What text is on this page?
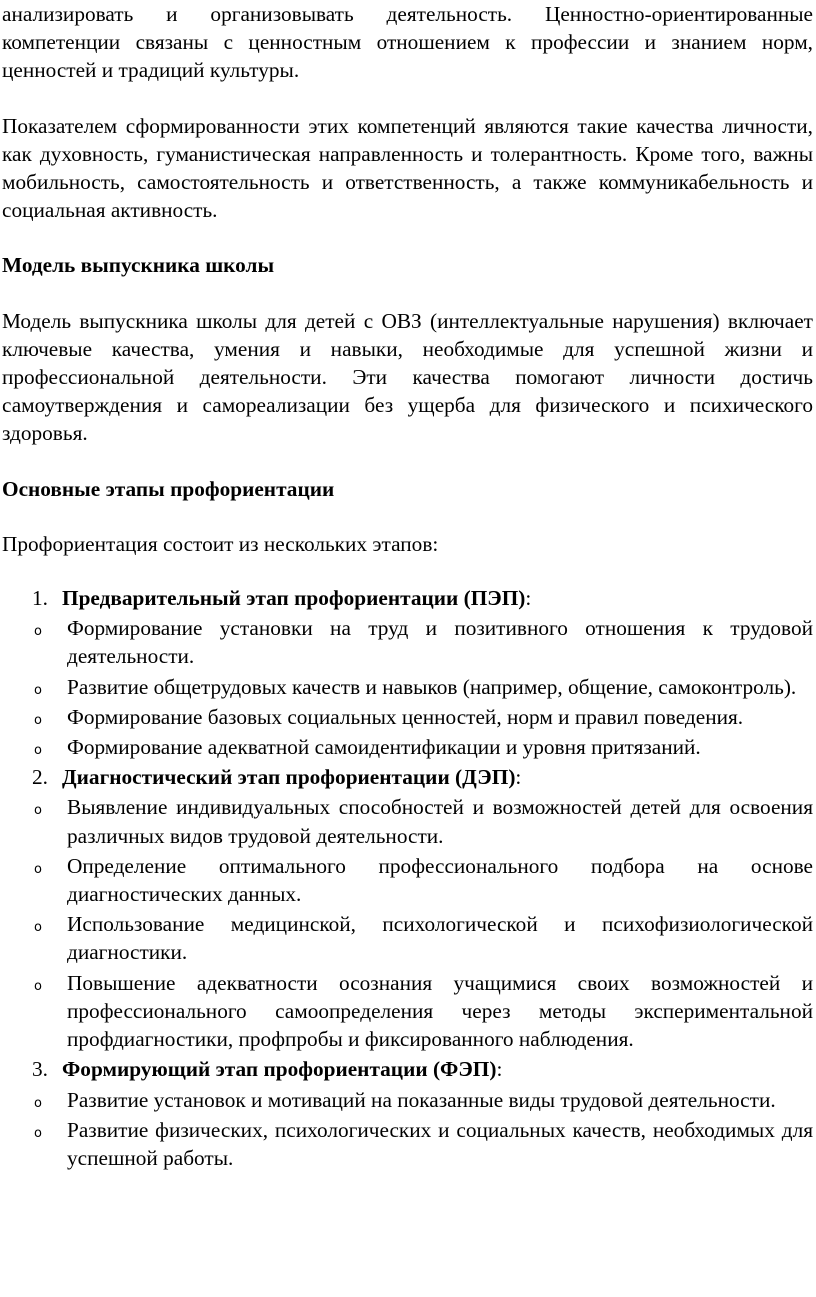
анализировать и организовывать деятельность. Ценностно-ориентированные компетенции связаны с ценностным отношением к профессии и знанием норм, ценностей и традиций культуры.

Показателем сформированности этих компетенций являются такие качества личности, как духовность, гуманистическая направленность и толерантность. Кроме того, важны мобильность, самостоятельность и ответственность, а также коммуникабельность и социальная активность.

Модель выпускника школы

Модель выпускника школы для детей с ОВЗ (интеллектуальные нарушения) включает ключевые качества, умения и навыки, необходимые для успешной жизни и профессиональной деятельности. Эти качества помогают личности достичь самоутверждения и самореализации без ущерба для физического и психического здоровья.

Основные этапы профориентации

Профориентация состоит из нескольких этапов:

1. Предварительный этап профориентации (ПЭП):
o Формирование установки на труд и позитивного отношения к трудовой деятельности.
o Развитие общетрудовых качеств и навыков (например, общение, самоконтроль).
o Формирование базовых социальных ценностей, норм и правил поведения.
o Формирование адекватной самоидентификации и уровня притязаний.
2. Диагностический этап профориентации (ДЭП):
o Выявление индивидуальных способностей и возможностей детей для освоения различных видов трудовой деятельности.
o Определение оптимального профессионального подбора на основе диагностических данных.
o Использование медицинской, психологической и психофизиологической диагностики.
o Повышение адекватности осознания учащимися своих возможностей и профессионального самоопределения через методы экспериментальной профдиагностики, профпробы и фиксированного наблюдения.
3. Формирующий этап профориентации (ФЭП):
o Развитие установок и мотиваций на показанные виды трудовой деятельности.
o Развитие физических, психологических и социальных качеств, необходимых для успешной работы.
